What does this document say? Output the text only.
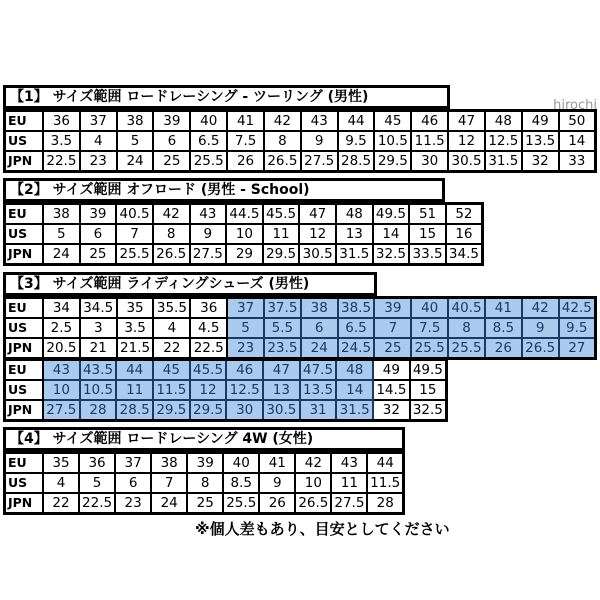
hirochi
【1】 サイズ範囲 ロードレーシング - ツーリング (男性)
EU	36	37	38	39	40	41	42	43	44	45	46	47	48	49	50
US	3.5	4	5	6	6.5	7.5	8	9	9.5	10.5	11.5	12	12.5	13.5	14
JPN	22.5	23	24	25	25.5	26	26.5	27.5	28.5	29.5	30	30.5	31.5	32	33
【2】 サイズ範囲 オフロード (男性 - School)
EU	38	39	40.5	42	43	44.5	45.5	47	48	49.5	51	52
US	5	6	7	8	9	10	11	12	13	14	15	16
JPN	24	25	25.5	26.5	27.5	29	29.5	30.5	31.5	32.5	33.5	34.5
【3】 サイズ範囲 ライディングシューズ (男性)
EU	34	34.5	35	35.5	36	37	37.5	38	38.5	39	40	40.5	41	42	42.5
US	2.5	3	3.5	4	4.5	5	5.5	6	6.5	7	7.5	8	8.5	9	9.5
JPN	20.5	21	21.5	22	22.5	23	23.5	24	24.5	25	25.5	25.5	26	26.5	27
EU	43	43.5	44	45	45.5	46	47	47.5	48	49	49.5
US	10	10.5	11	11.5	12	12.5	13	13.5	14	14.5	15
JPN	27.5	28	28.5	29.5	29.5	30	30.5	31	31.5	32	32.5
【4】 サイズ範囲 ロードレーシング 4W (女性)
EU	35	36	37	38	39	40	41	42	43	44
US	4	5	6	7	8	8.5	9	10	11	11.5
JPN	22	22.5	23	24	25	25.5	26	26.5	27.5	28
※個人差もあり、目安としてください
